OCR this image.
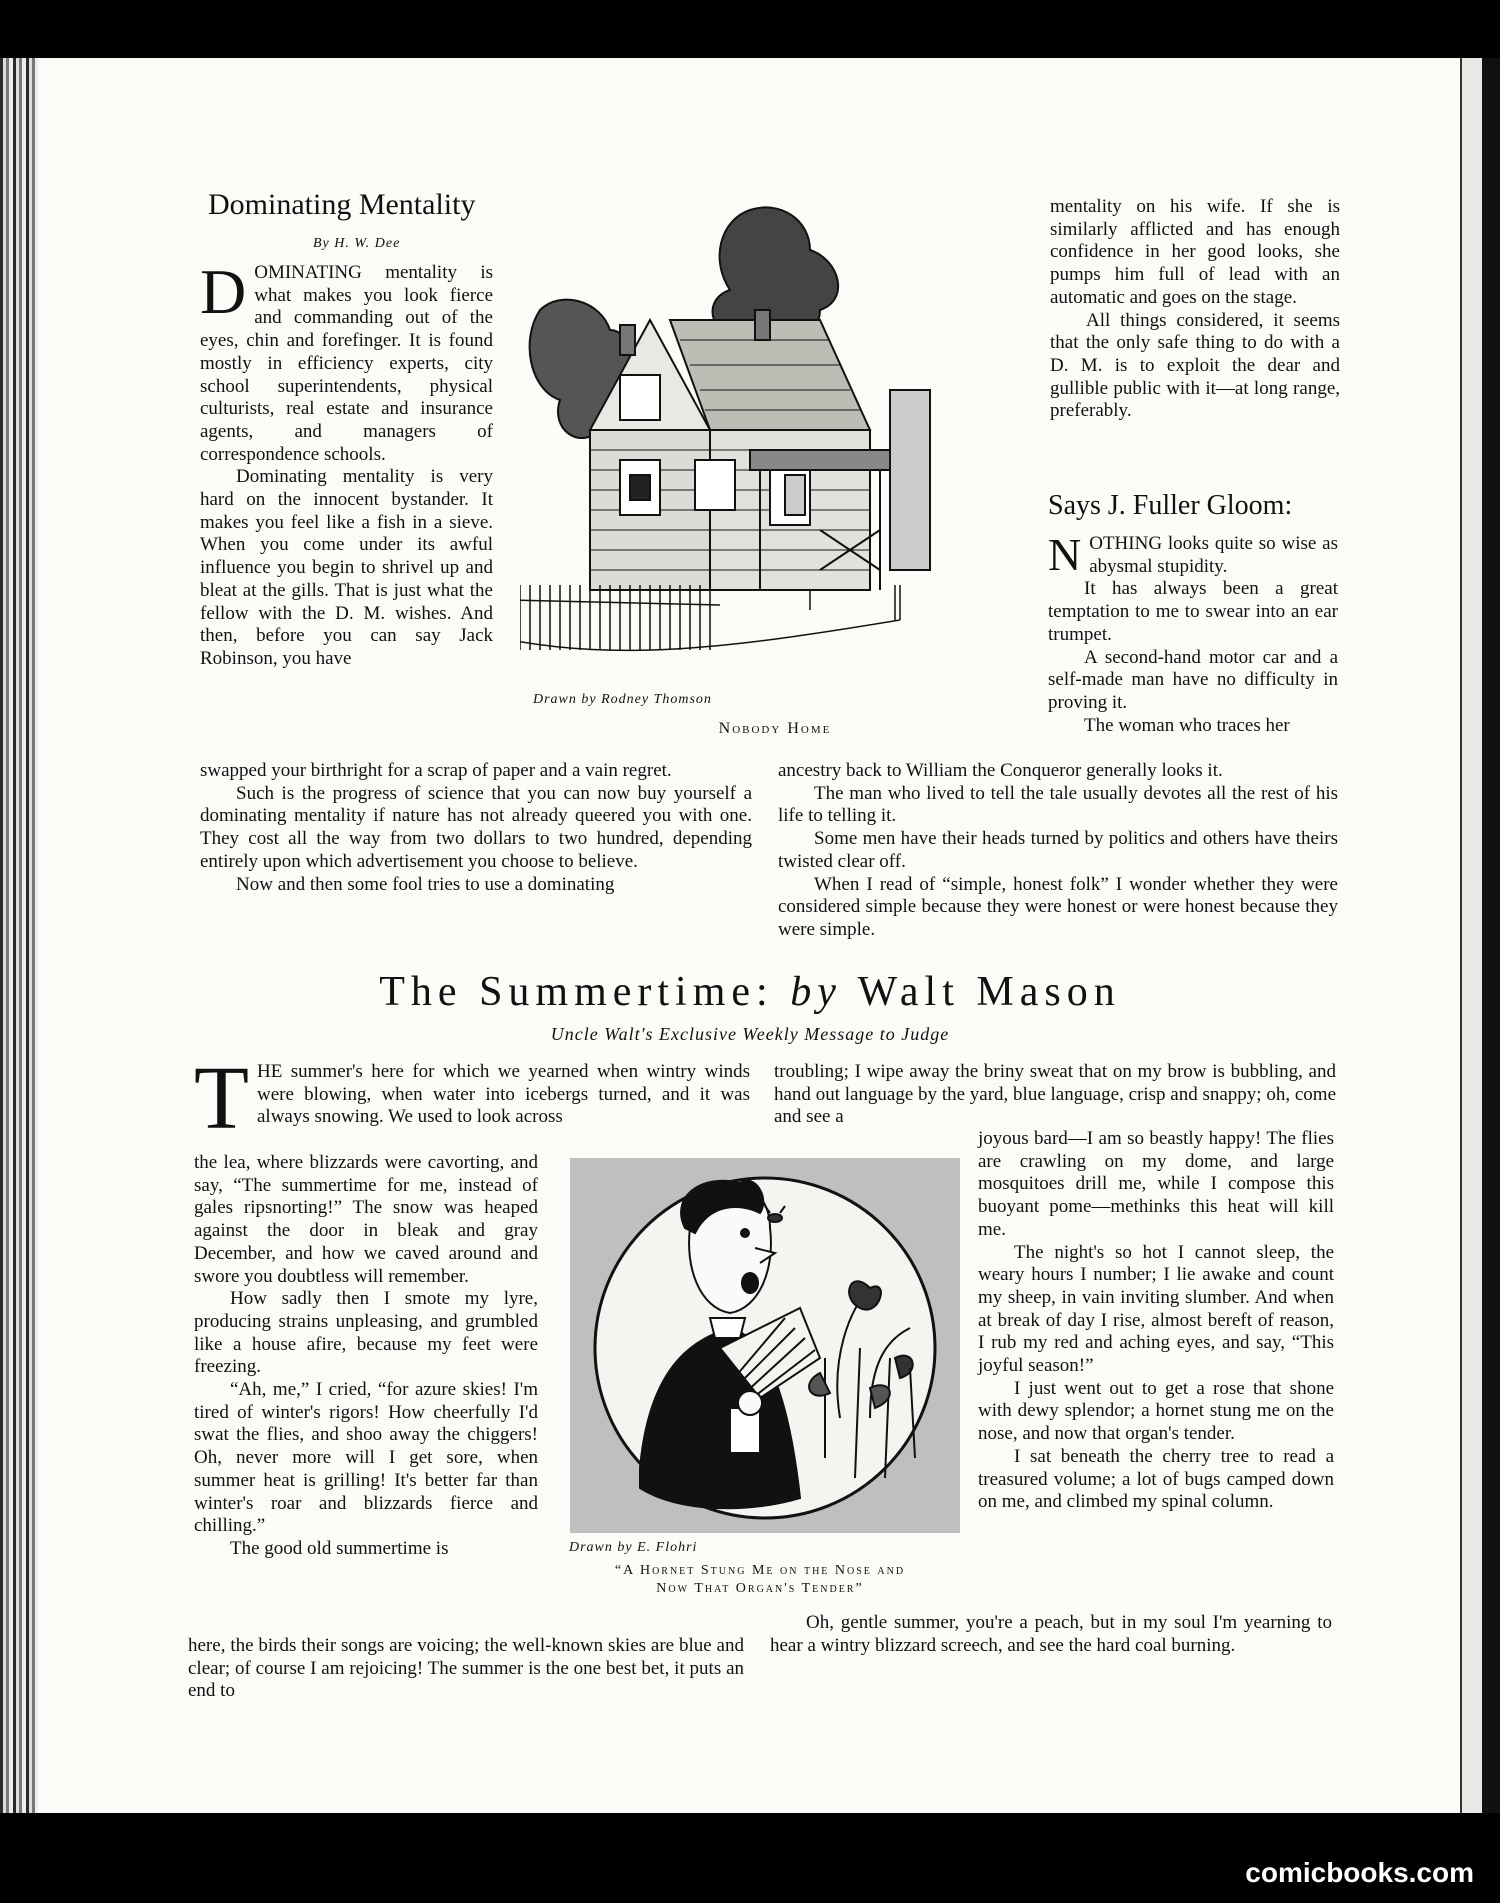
Dominating Mentality
By H. W. Dee

DOMINATING mentality is what makes you look fierce and commanding out of the eyes, chin and forefinger. It is found mostly in efficiency experts, city school superintendents, physical culturists, real estate and insurance agents, and managers of correspondence schools.

Dominating mentality is very hard on the innocent bystander. It makes you feel like a fish in a sieve. When you come under its awful influence you begin to shrivel up and bleat at the gills. That is just what the fellow with the D. M. wishes. And then, before you can say Jack Robinson, you have

swapped your birthright for a scrap of paper and a vain regret.

Such is the progress of science that you can now buy yourself a dominating mentality if nature has not already queered you with one. They cost all the way from two dollars to two hundred, depending entirely upon which advertisement you choose to believe.

Now and then some fool tries to use a dominating

mentality on his wife. If she is similarly afflicted and has enough confidence in her good looks, she pumps him full of lead with an automatic and goes on the stage.

All things considered, it seems that the only safe thing to do with a D. M. is to exploit the dear and gullible public with it—at long range, preferably.

Drawn by Rodney Thomson
Nobody Home
Says J. Fuller Gloom:

NOTHING looks quite so wise as abysmal stupidity.

It has always been a great temptation to me to swear into an ear trumpet.

A second-hand motor car and a self-made man have no difficulty in proving it.

The woman who traces her

ancestry back to William the Conqueror generally looks it.

The man who lived to tell the tale usually devotes all the rest of his life to telling it.

Some men have their heads turned by politics and others have theirs twisted clear off.

When I read of “simple, honest folk” I wonder whether they were considered simple because they were honest or were honest because they were simple.

The Summertime: by Walt Mason
Uncle Walt's Exclusive Weekly Message to Judge

THE summer's here for which we yearned when wintry winds were blowing, when water into icebergs turned, and it was always snowing. We used to look across

the lea, where blizzards were cavorting, and say, “The summertime for me, instead of gales ripsnorting!” The snow was heaped against the door in bleak and gray December, and how we caved around and swore you doubtless will remember.

How sadly then I smote my lyre, producing strains unpleasing, and grumbled like a house afire, because my feet were freezing.

“Ah, me,” I cried, “for azure skies! I'm tired of winter's rigors! How cheerfully I'd swat the flies, and shoo away the chiggers! Oh, never more will I get sore, when summer heat is grilling! It's better far than winter's roar and blizzards fierce and chilling.”

The good old summertime is

here, the birds their songs are voicing; the well-known skies are blue and clear; of course I am rejoicing! The summer is the one best bet, it puts an end to

troubling; I wipe away the briny sweat that on my brow is bubbling, and hand out language by the yard, blue language, crisp and snappy; oh, come and see a

joyous bard—I am so beastly happy! The flies are crawling on my dome, and large mosquitoes drill me, while I compose this buoyant pome—methinks this heat will kill me.

The night's so hot I cannot sleep, the weary hours I number; I lie awake and count my sheep, in vain inviting slumber. And when at break of day I rise, almost bereft of reason, I rub my red and aching eyes, and say, “This joyful season!”

I just went out to get a rose that shone with dewy splendor; a hornet stung me on the nose, and now that organ's tender.

I sat beneath the cherry tree to read a treasured volume; a lot of bugs camped down on me, and climbed my spinal column.

Oh, gentle summer, you're a peach, but in my soul I'm yearning to hear a wintry blizzard screech, and see the hard coal burning.

Drawn by E. Flohri
“A Hornet Stung Me on the Nose and
Now That Organ's Tender”
comicbooks.com
